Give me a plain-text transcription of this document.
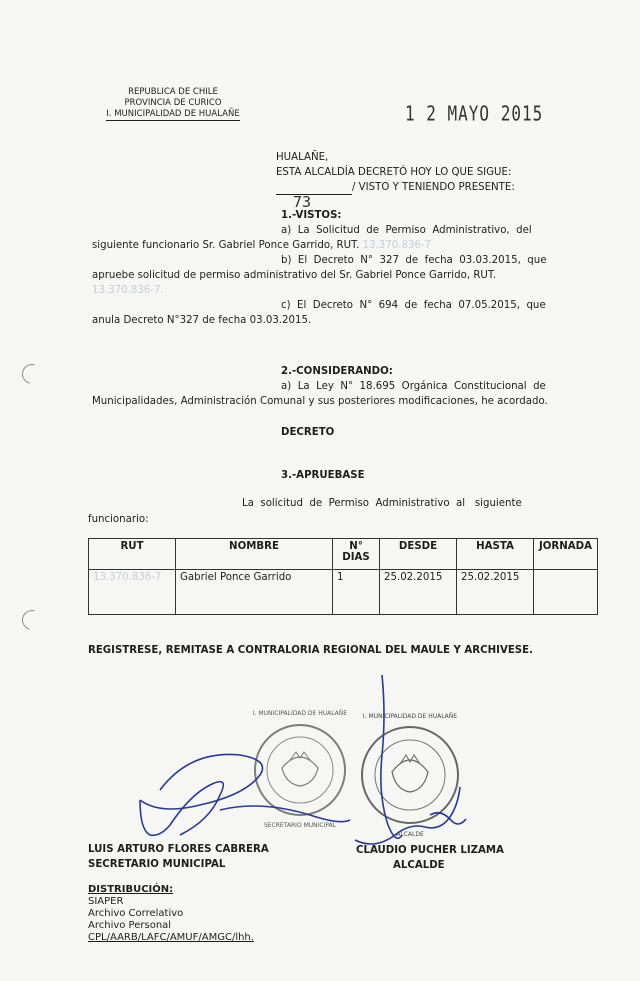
REPUBLICA DE CHILE
PROVINCIA DE CURICO
I. MUNICIPALIDAD DE HUALAÑE	1 2 MAYO 2015
HUALAÑE,
ESTA ALCALDÍA DECRETÓ HOY LO QUE SIGUE:
/ VISTO Y TENIENDO PRESENTE:
73
1.-VISTOS:
a)  La  Solicitud  de  Permiso  Administrativo,  del
siguiente funcionario Sr. Gabriel Ponce Garrido, RUT. 13.370.836-7
b)  El  Decreto  N°  327  de  fecha  03.03.2015,  que
apruebe solicitud de permiso administrativo del Sr. Gabriel Ponce Garrido, RUT.
13.370.836-7.
c)  El  Decreto  N°  694  de  fecha  07.05.2015,  que
anula Decreto N°327 de fecha 03.03.2015.
2.-CONSIDERANDO:
a)  La  Ley  N°  18.695  Orgánica  Constitucional  de
Municipalidades, Administración Comunal y sus posteriores modificaciones, he acordado.
DECRETO
3.-APRUEBASE
La  solicitud  de  Permiso  Administrativo  al   siguiente
funcionario:
RUT	NOMBRE	N° DIAS	DESDE	HASTA	JORNADA
13.370.836-7	Gabriel Ponce Garrido	1	25.02.2015	25.02.2015	
REGISTRESE, REMITASE A CONTRALORIA REGIONAL DEL MAULE Y ARCHIVESE.
I. MUNICIPALIDAD DE HUALAÑE
SECRETARIO MUNICIPAL
I. MUNICIPALIDAD DE HUALAÑE
ALCALDE
LUIS ARTURO FLORES CABRERA
SECRETARIO MUNICIPAL
CLAUDIO PUCHER LIZAMA
ALCALDE
DISTRIBUCIÓN:
SIAPER
Archivo Correlativo
Archivo Personal
CPL/AARB/LAFC/AMUF/AMGC/lhh.
